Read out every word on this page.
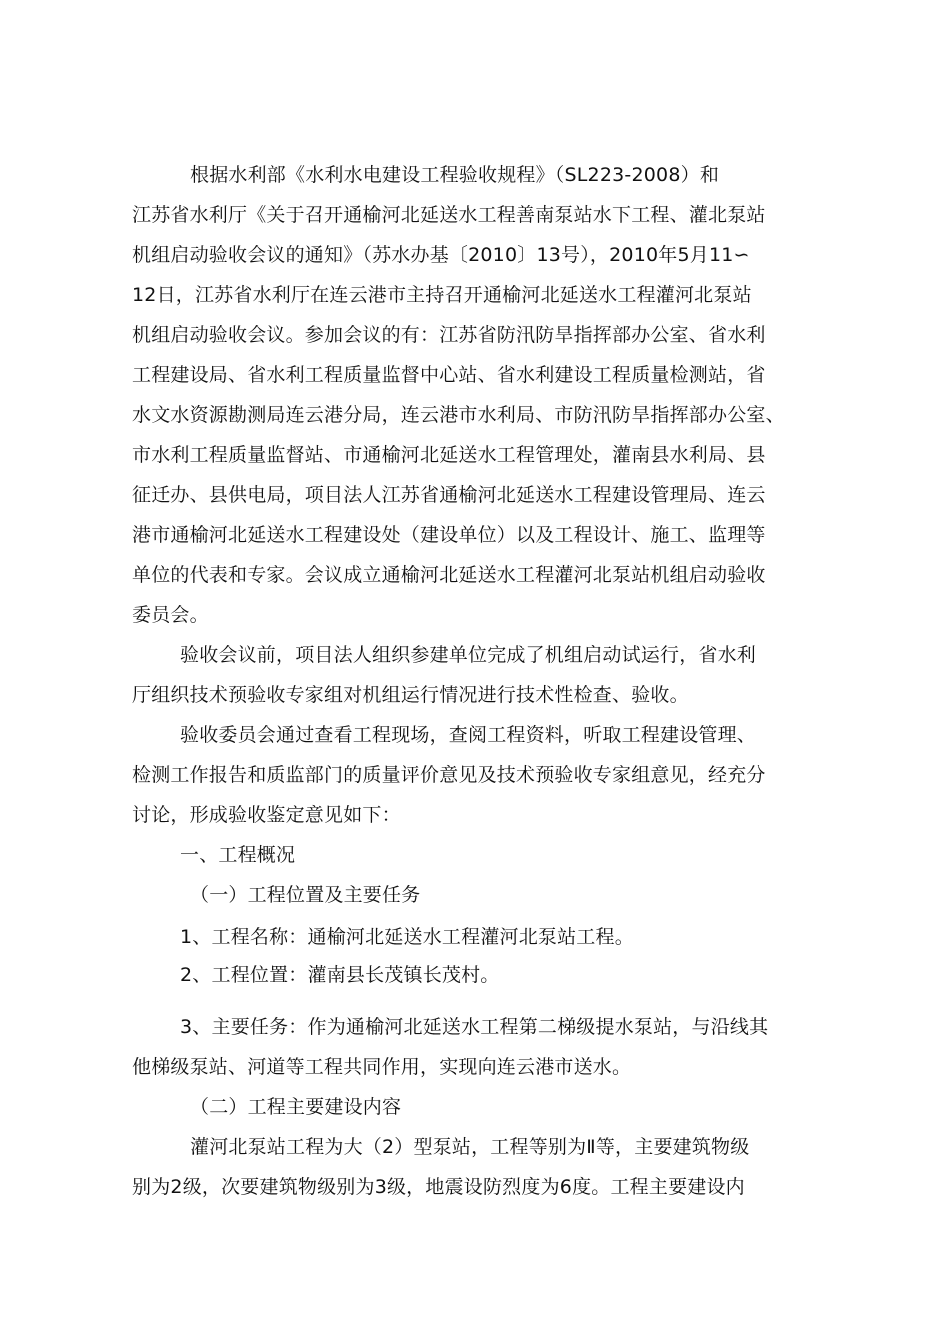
根据水利部《水利水电建设工程验收规程》（SL223-2008）和
江苏省水利厅《关于召开通榆河北延送水工程善南泵站水下工程、灌北泵站
机组启动验收会议的通知》（苏水办基〔2010〕13号），2010年5月11∽
12日，江苏省水利厅在连云港市主持召开通榆河北延送水工程灌河北泵站
机组启动验收会议。参加会议的有：江苏省防汛防旱指挥部办公室、省水利
工程建设局、省水利工程质量监督中心站、省水利建设工程质量检测站，省
水文水资源勘测局连云港分局，连云港市水利局、市防汛防旱指挥部办公室、
市水利工程质量监督站、市通榆河北延送水工程管理处，灌南县水利局、县
征迁办、县供电局，项目法人江苏省通榆河北延送水工程建设管理局、连云
港市通榆河北延送水工程建设处（建设单位）以及工程设计、施工、监理等
单位的代表和专家。会议成立通榆河北延送水工程灌河北泵站机组启动验收
委员会。
验收会议前，项目法人组织参建单位完成了机组启动试运行，省水利
厅组织技术预验收专家组对机组运行情况进行技术性检查、验收。
验收委员会通过查看工程现场，查阅工程资料，听取工程建设管理、
检测工作报告和质监部门的质量评价意见及技术预验收专家组意见，经充分
讨论，形成验收鉴定意见如下：
一、工程概况
（一）工程位置及主要任务
1、工程名称：通榆河北延送水工程灌河北泵站工程。
2、工程位置：灌南县长茂镇长茂村。
3、主要任务：作为通榆河北延送水工程第二梯级提水泵站，与沿线其
他梯级泵站、河道等工程共同作用，实现向连云港市送水。
（二）工程主要建设内容
灌河北泵站工程为大（2）型泵站，工程等别为Ⅱ等，主要建筑物级
别为2级，次要建筑物级别为3级，地震设防烈度为6度。工程主要建设内
